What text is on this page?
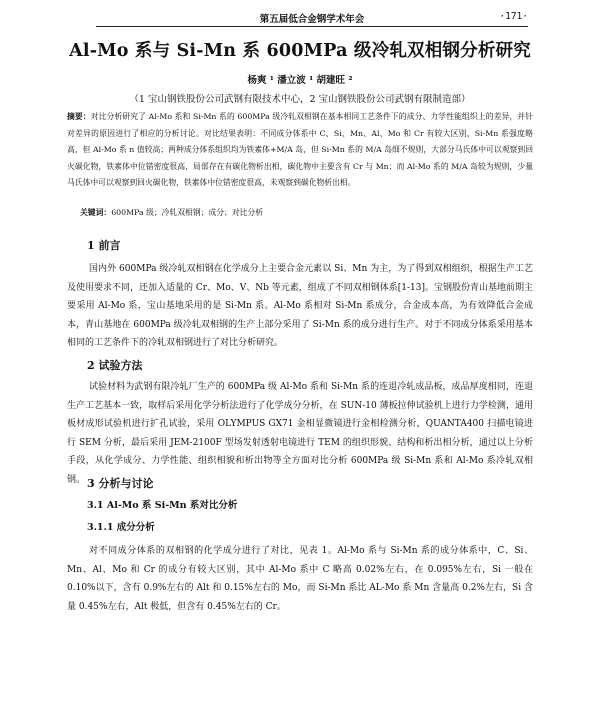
第五届低合金钢学术年会	·171·
Al-Mo 系与 Si-Mn 系 600MPa 级冷轧双相钢分析研究
杨爽 ¹ 潘立波 ¹ 胡建旺 ²
（1 宝山钢铁股份公司武钢有限技术中心，2 宝山钢铁股份公司武钢有限制造部）
摘要：对比分析研究了 Al-Mo 系和 Si-Mn 系的 600MPa 级冷轧双相钢在基本相同工艺条件下的成分、力学性能组织上的差异，并针对差异的原因进行了相应的分析讨论。对比结果表明：不同成分体系中 C、Si、Mn、Al、Mo 和 Cr 有较大区别，Si-Mn 系强度略高，但 Al-Mo 系 n 值较高；两种成分体系组织均为铁素体+M/A 岛，但 Si-Mn 系的 M/A 岛细不规则，大部分马氏体中可以观察到回火碳化物，铁素体中位错密度很高，局部存在有碳化物析出相，碳化物中主要含有 Cr 与 Mn；而 Al-Mo 系的 M/A 岛较为规则，少量马氏体中可以观察到回火碳化物，铁素体中位错密度很高，未观察到碳化物析出相。
关键词：600MPa 级；冷轧双相钢；成分；对比分析
1 前言
国内外 600MPa 级冷轧双相钢在化学成分上主要合金元素以 Si、Mn 为主，为了得到双相组织，根据生产工艺及使用要求不同，还加入适量的 Cr、Mo、V、Nb 等元素，组成了不同双相钢体系[1-13]。宝钢股份青山基地前期主要采用 Al-Mo 系，宝山基地采用的是 Si-Mn 系。Al-Mo 系相对 Si-Mn 系成分，合金成本高，为有效降低合金成本，青山基地在 600MPa 级冷轧双相钢的生产上部分采用了 Si-Mn 系的成分进行生产。对于不同成分体系采用基本相同的工艺条件下的冷轧双相钢进行了对比分析研究。
2 试验方法
试验材料为武钢有限冷轧厂生产的 600MPa 级 Al-Mo 系和 Si-Mn 系的连退冷轧成品板，成品厚度相同，连退生产工艺基本一致，取样后采用化学分析法进行了化学成分分析，在 SUN-10 薄板拉伸试验机上进行力学检测，通用板材成形试验机进行扩孔试验，采用 OLYMPUS GX71 金相显微镜进行金相检测分析，QUANTA400 扫描电镜进行 SEM 分析，最后采用 JEM-2100F 型场发射透射电镜进行 TEM 的组织形貌、结构和析出相分析，通过以上分析手段，从化学成分、力学性能、组织相貌和析出物等全方面对比分析 600MPa 级 Si-Mn 系和 Al-Mo 系冷轧双相钢。 3 分析与讨论
3.1 Al-Mo 系 Si-Mn 系对比分析
3.1.1 成分分析
对不同成分体系的双相钢的化学成分进行了对比，见表 1。Al-Mo 系与 Si-Mn 系的成分体系中，C、Si、Mn、Al、Mo 和 Cr 的成分有较大区别，其中 Al-Mo 系中 C 略高 0.02%左右，在 0.095%左右，Si 一般在 0.10%以下，含有 0.9%左右的 Alt 和 0.15%左右的 Mo，而 Si-Mn 系比 AL-Mo 系 Mn 含量高 0.2%左右，Si 含量 0.45%左右，Alt 极低，但含有 0.45%左右的 Cr。
